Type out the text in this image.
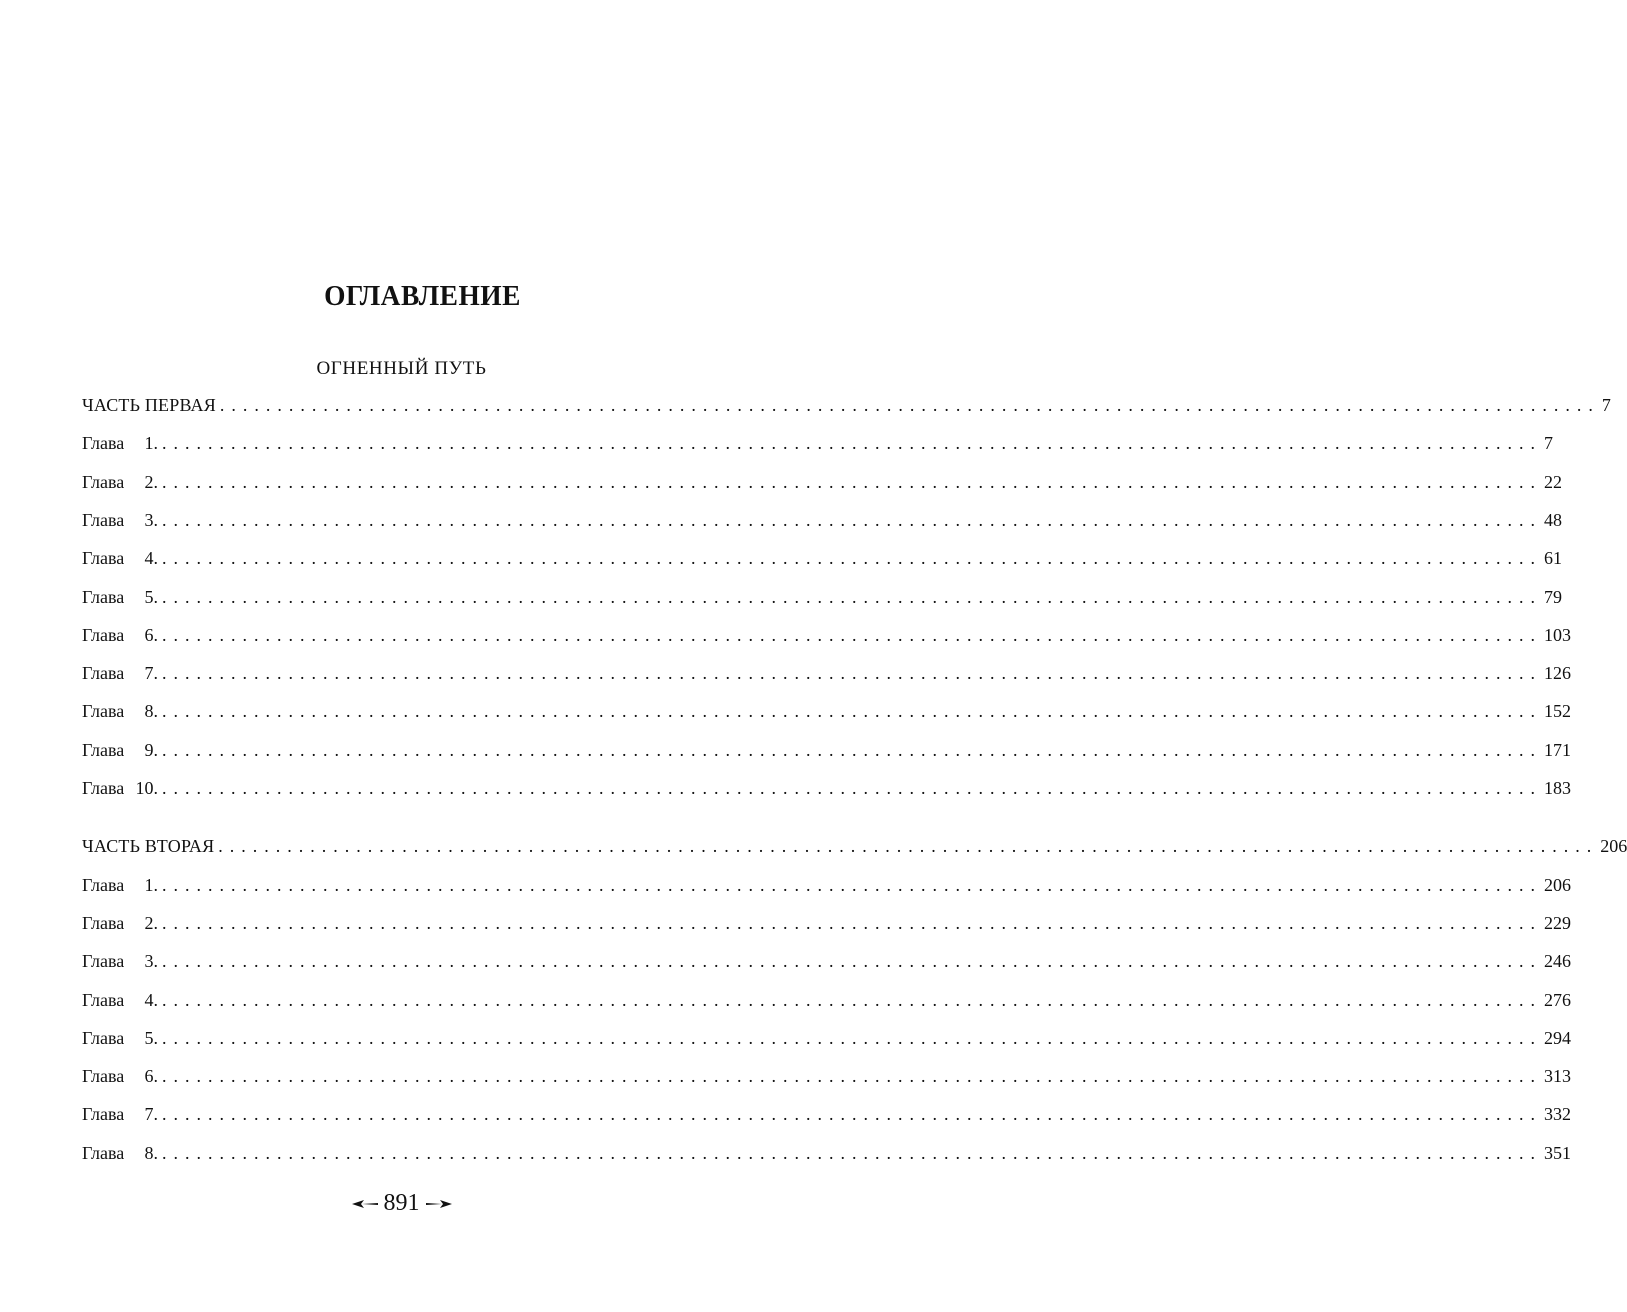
ОГЛАВЛЕНИЕ
ОГНЕННЫЙ ПУТЬ
ЧАСТЬ ПЕРВАЯ ........................................................................................................................ 7
Глава 1. ........................................................................................................................ 7
Глава 2. ........................................................................................................................ 22
Глава 3. ........................................................................................................................ 48
Глава 4. ........................................................................................................................ 61
Глава 5. ........................................................................................................................ 79
Глава 6. ........................................................................................................................ 103
Глава 7. ........................................................................................................................ 126
Глава 8. ........................................................................................................................ 152
Глава 9. ........................................................................................................................ 171
Глава 10. ........................................................................................................................ 183
ЧАСТЬ ВТОРАЯ ........................................................................................................................ 206
Глава 1. ........................................................................................................................ 206
Глава 2. ........................................................................................................................ 229
Глава 3. ........................................................................................................................ 246
Глава 4. ........................................................................................................................ 276
Глава 5. ........................................................................................................................ 294
Глава 6. ........................................................................................................................ 313
Глава 7. ........................................................................................................................ 332
Глава 8. ........................................................................................................................ 351
891
